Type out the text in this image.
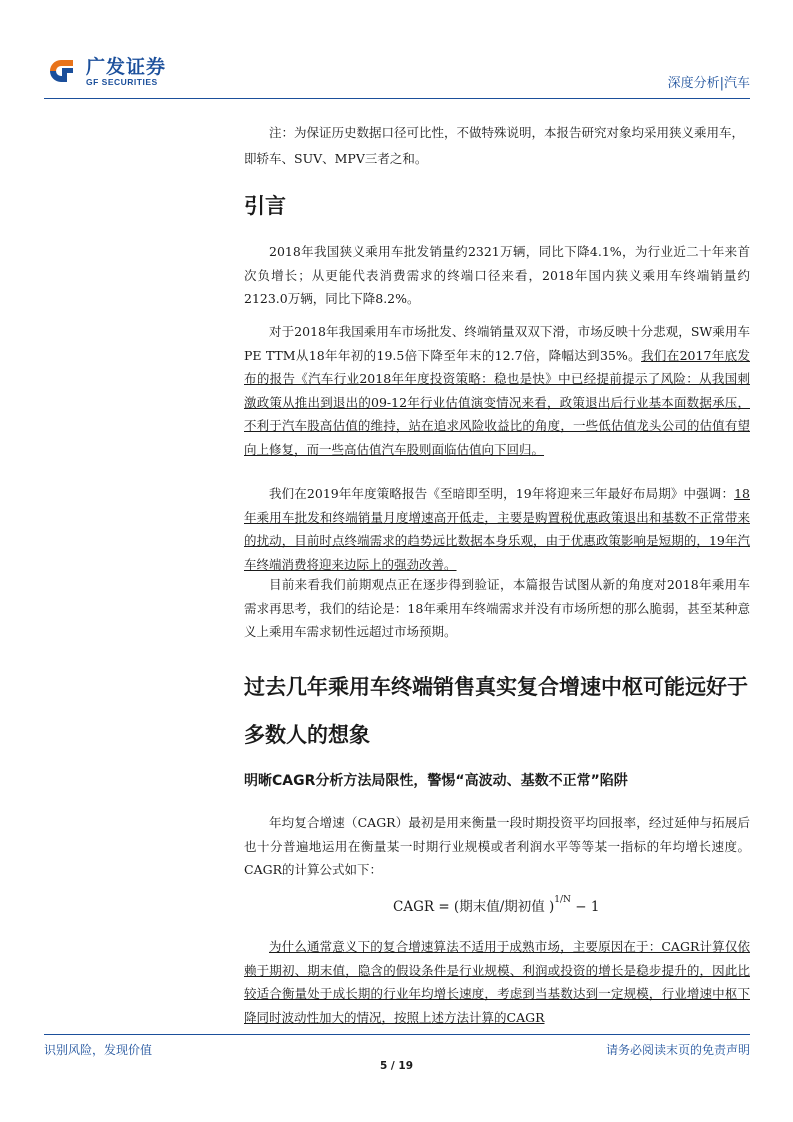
广发证券
GF SECURITIES	深度分析|汽车
注：为保证历史数据口径可比性，不做特殊说明，本报告研究对象均采用狭义乘用车，即轿车、SUV、MPV三者之和。
引言

2018年我国狭义乘用车批发销量约2321万辆，同比下降4.1%，为行业近二十年来首次负增长；从更能代表消费需求的终端口径来看，2018年国内狭义乘用车终端销量约2123.0万辆，同比下降8.2%。

对于2018年我国乘用车市场批发、终端销量双双下滑，市场反映十分悲观，SW乘用车PE TTM从18年年初的19.5倍下降至年末的12.7倍，降幅达到35%。我们在2017年底发布的报告《汽车行业2018年年度投资策略：稳也是快》中已经提前提示了风险：从我国刺激政策从推出到退出的09-12年行业估值演变情况来看，政策退出后行业基本面数据承压，不利于汽车股高估值的维持，站在追求风险收益比的角度，一些低估值龙头公司的估值有望向上修复，而一些高估值汽车股则面临估值向下回归。

我们在2019年年度策略报告《至暗即至明，19年将迎来三年最好布局期》中强调：18年乘用车批发和终端销量月度增速高开低走，主要是购置税优惠政策退出和基数不正常带来的扰动，目前时点终端需求的趋势远比数据本身乐观，由于优惠政策影响是短期的，19年汽车终端消费将迎来边际上的强劲改善。

目前来看我们前期观点正在逐步得到验证，本篇报告试图从新的角度对2018年乘用车需求再思考，我们的结论是：18年乘用车终端需求并没有市场所想的那么脆弱，甚至某种意义上乘用车需求韧性远超过市场预期。

过去几年乘用车终端销售真实复合增速中枢可能远好于多数人的想象
明晰CAGR分析方法局限性，警惕“高波动、基数不正常”陷阱

年均复合增速（CAGR）最初是用来衡量一段时期投资平均回报率，经过延伸与拓展后也十分普遍地运用在衡量某一时期行业规模或者利润水平等等某一指标的年均增长速度。CAGR的计算公式如下：

CAGR = (期末值/期初值 )$^{1/N}$ − 1

为什么通常意义下的复合增速算法不适用于成熟市场，主要原因在于：CAGR计算仅依赖于期初、期末值，隐含的假设条件是行业规模、利润或投资的增长是稳步提升的，因此比较适合衡量处于成长期的行业年均增长速度，考虑到当基数达到一定规模，行业增速中枢下降同时波动性加大的情况，按照上述方法计算的CAGR

识别风险，发现价值	请务必阅读末页的免责声明
5 / 19
